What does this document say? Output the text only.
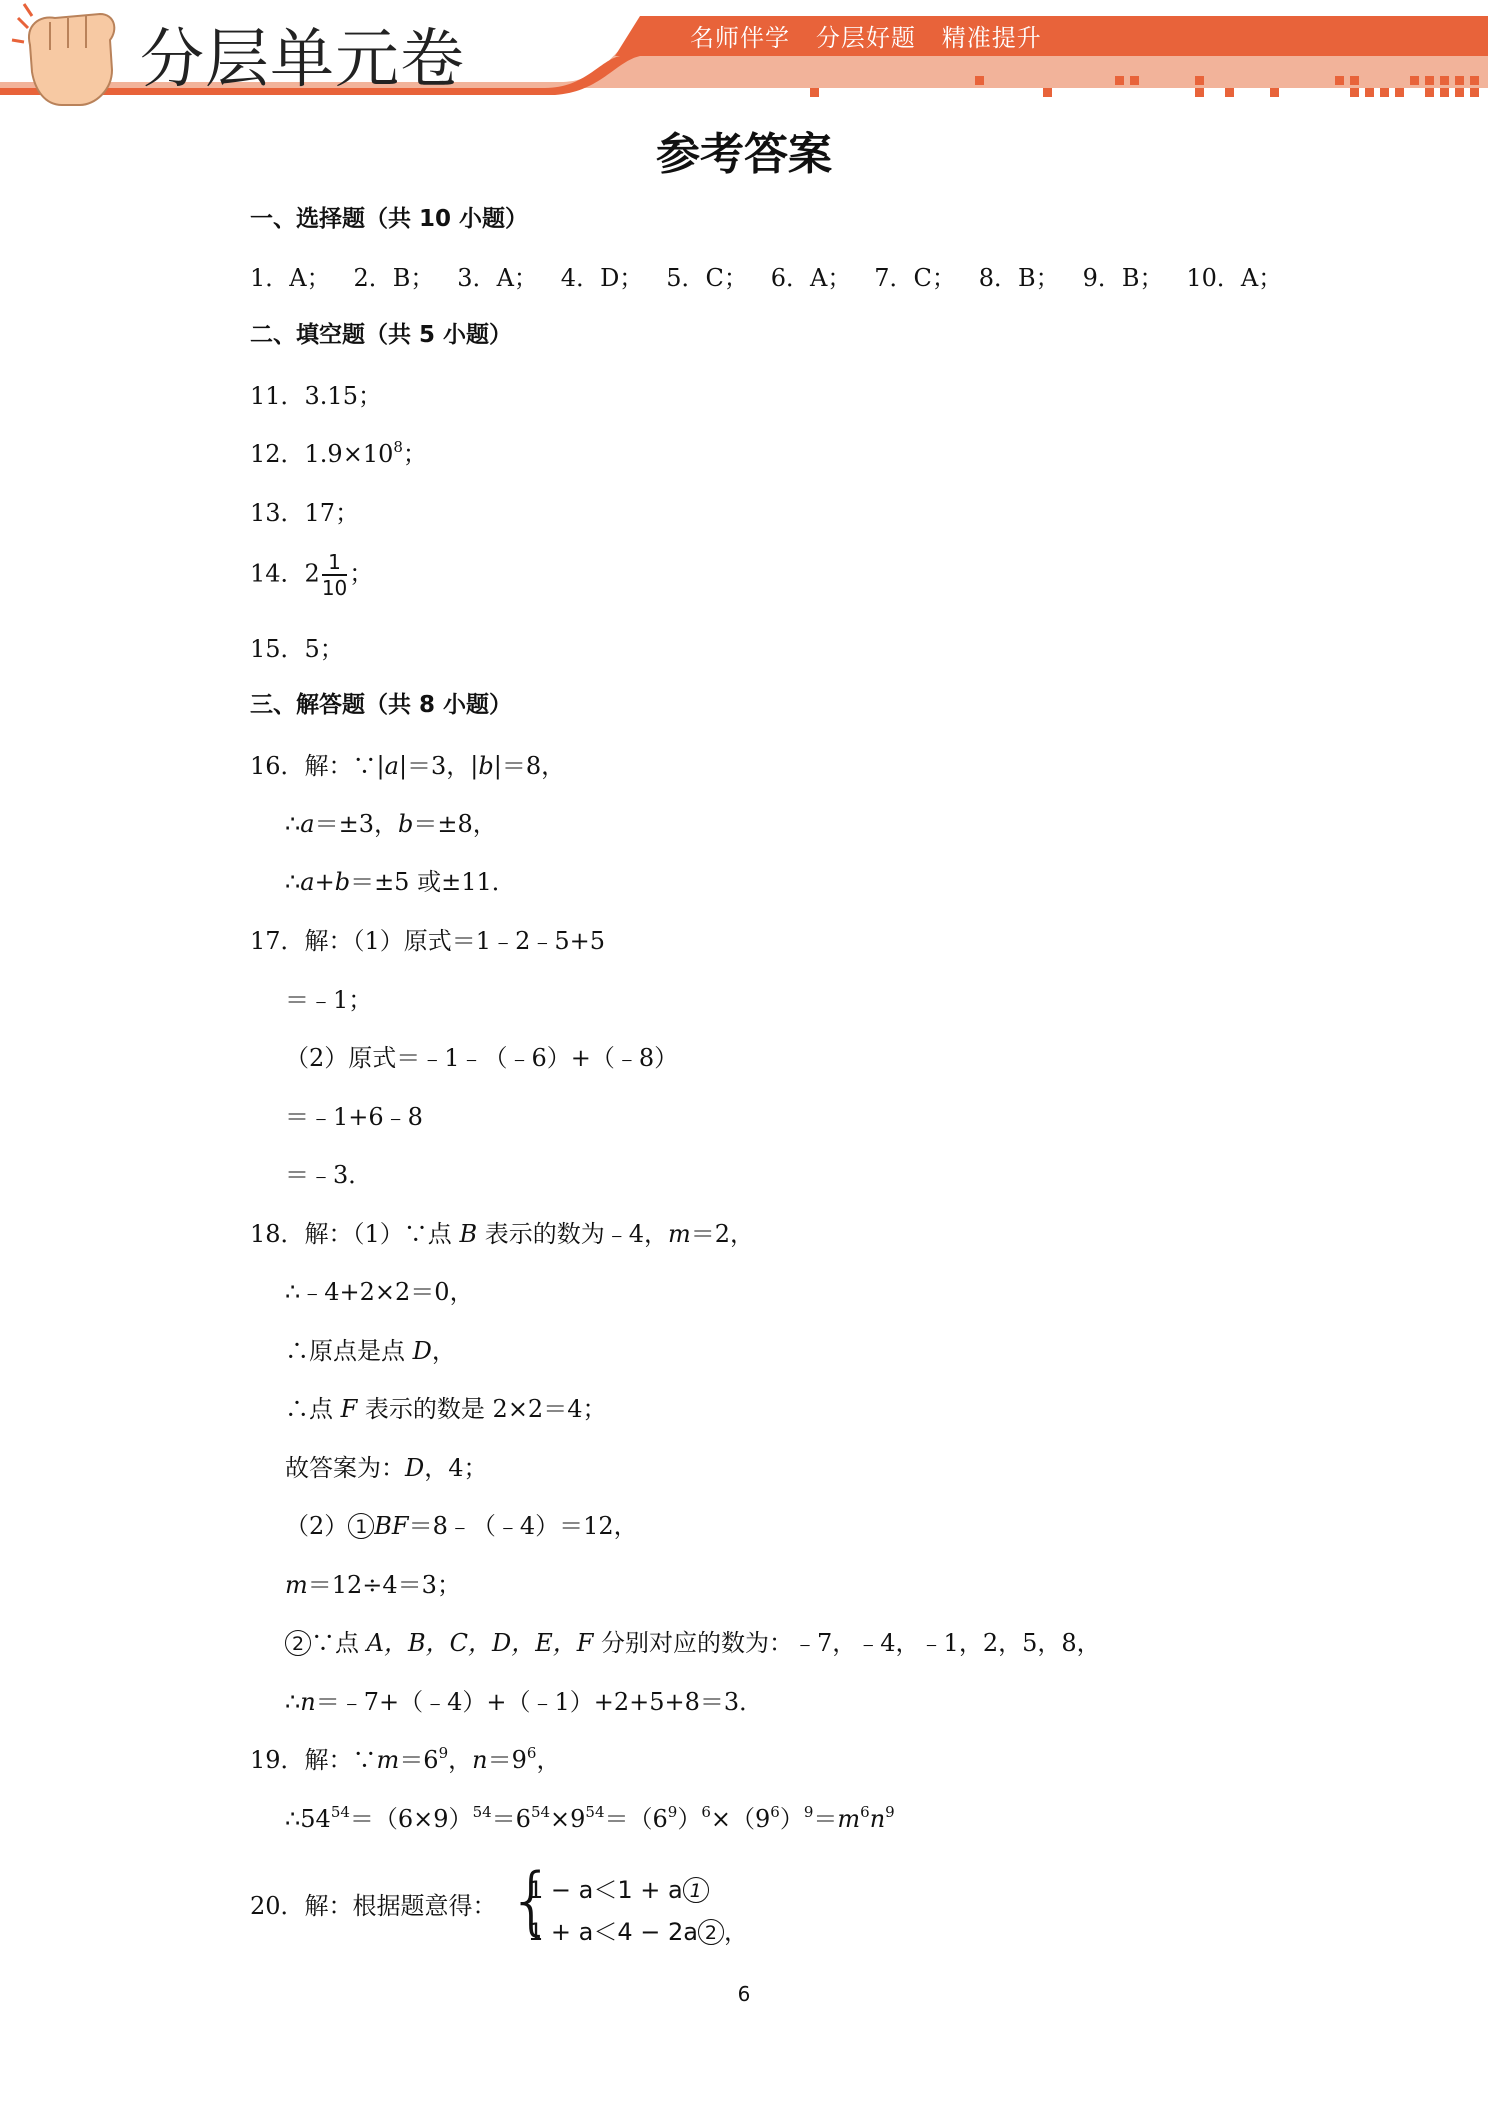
分层单元卷	名师伴学   分层好题   精准提升
参考答案
一、选择题（共 10 小题）
1．A； 2．B； 3．A； 4．D； 5．C； 6．A； 7．C； 8．B； 9．B； 10．A；
二、填空题（共 5 小题）
11．3.15；
12．$1.9\times 10^8$；
13．17；
14．$2 \frac{1}{10}$ ；
15．5；
三、解答题（共 8 小题）
16．解：∵|a|＝3，|b|＝8，
∴a＝±3，b＝±8，
∴a+b＝±5 或±11．
17．解：（1）原式＝1﹣2﹣5+5
＝﹣1；
（2）原式＝﹣1﹣（﹣6）+（﹣8）
＝﹣1+6﹣8
＝﹣3．
18．解：（1）∵点 B 表示的数为﹣4，m＝2，
∴﹣4+2×2＝0，
∴原点是点 D，
∴点 F 表示的数是 2×2＝4；
故答案为：D，4；
（2） 1 BF＝8﹣（﹣4）＝12，
m＝12÷4＝3；
2 ∵点 A，B，C，D，E，F 分别对应的数为：﹣7，﹣4，﹣1，2，5，8，
∴n＝﹣7+（﹣4）+（﹣1）+2+5+8＝3．
19．解：$\because m=6^9$，$n=9^6$，
$\therefore 54^{54}=(6\times 9)^{54}=6^{54}\times 9^{54}=(6^9)^6\times(9^6)^9=m^6n^9$
20．解：根据题意得： {
1 − a＜1 + a 1
1 + a＜4 − 2a 2 ，
6
